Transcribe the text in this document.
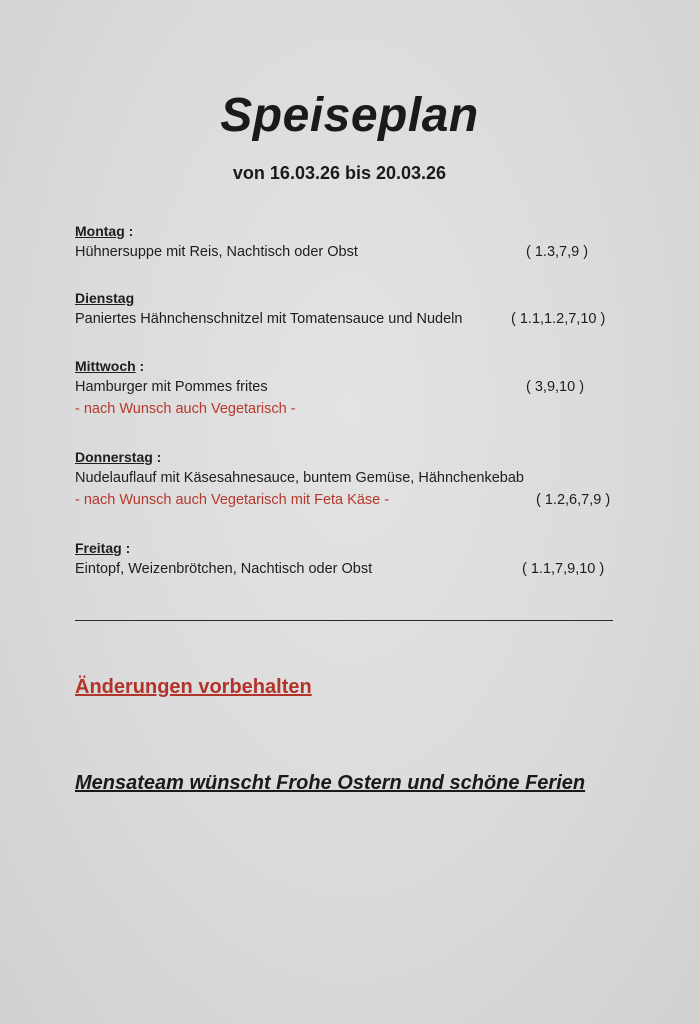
Speiseplan
von 16.03.26 bis 20.03.26
Montag :
Hühnersuppe mit Reis, Nachtisch oder Obst	( 1.3,7,9 )
Dienstag
Paniertes Hähnchenschnitzel mit Tomatensauce und Nudeln	( 1.1,1.2,7,10 )
Mittwoch :
Hamburger mit Pommes frites	( 3,9,10 )
- nach Wunsch auch Vegetarisch -
Donnerstag :
Nudelauflauf mit Käsesahnesauce, buntem Gemüse, Hähnchenkebab
- nach Wunsch auch Vegetarisch mit Feta Käse -	( 1.2,6,7,9 )
Freitag :
Eintopf, Weizenbrötchen, Nachtisch oder Obst	( 1.1,7,9,10 )
Änderungen vorbehalten
Mensateam wünscht Frohe Ostern und schöne Ferien
